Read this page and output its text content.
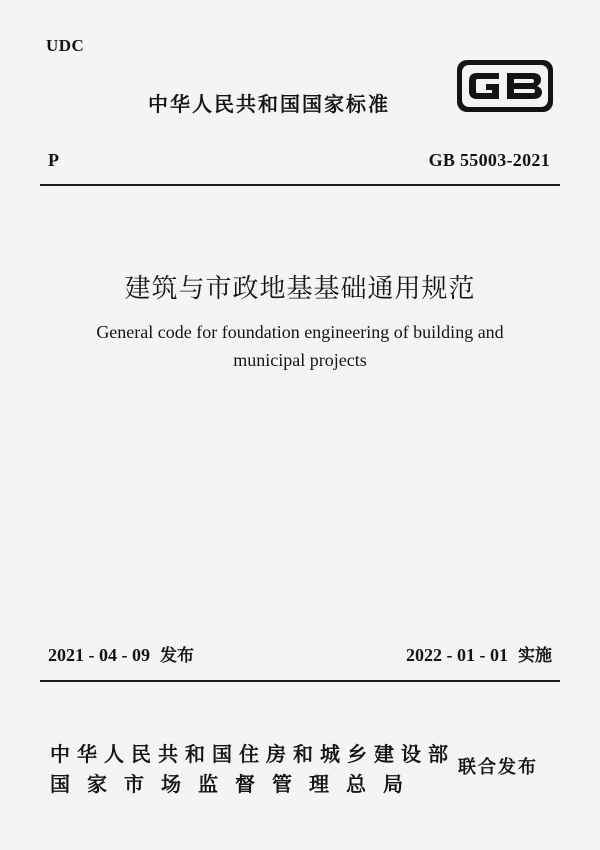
UDC
中华人民共和国国家标准
P	GB 55003-2021
建筑与市政地基基础通用规范
General code for foundation engineering of building and
municipal projects
2021 - 04 - 09 发布	2022 - 01 - 01 实施
中华人民共和国住房和城乡建设部
国家市场监督管理总局
联合发布
